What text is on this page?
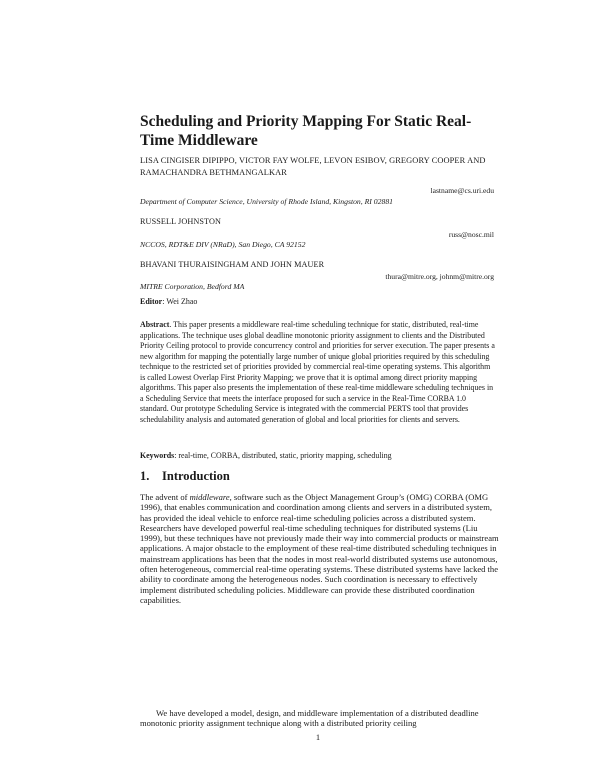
Scheduling and Priority Mapping For Static Real-Time Middleware
LISA CINGISER DIPIPPO, VICTOR FAY WOLFE, LEVON ESIBOV, GREGORY COOPER AND RAMACHANDRA BETHMANGALKAR
lastname@cs.uri.edu
Department of Computer Science, University of Rhode Island, Kingston, RI 02881
RUSSELL JOHNSTON
russ@nosc.mil
NCCOS, RDT&E DIV (NRaD), San Diego, CA 92152
BHAVANI THURAISINGHAM AND JOHN MAUER
thura@mitre.org, johnm@mitre.org
MITRE Corporation, Bedford MA
Editor: Wei Zhao
Abstract. This paper presents a middleware real-time scheduling technique for static, distributed, real-time applications. The technique uses global deadline monotonic priority assignment to clients and the Distributed Priority Ceiling protocol to provide concurrency control and priorities for server execution. The paper presents a new algorithm for mapping the potentially large number of unique global priorities required by this scheduling technique to the restricted set of priorities provided by commercial real-time operating systems. This algorithm is called Lowest Overlap First Priority Mapping; we prove that it is optimal among direct priority mapping algorithms. This paper also presents the implementation of these real-time middleware scheduling techniques in a Scheduling Service that meets the interface proposed for such a service in the Real-Time CORBA 1.0 standard. Our prototype Scheduling Service is integrated with the commercial PERTS tool that provides schedulability analysis and automated generation of global and local priorities for clients and servers.
Keywords: real-time, CORBA, distributed, static, priority mapping, scheduling
1. Introduction
The advent of middleware, software such as the Object Management Group’s (OMG) CORBA (OMG 1996), that enables communication and coordination among clients and servers in a distributed system, has provided the ideal vehicle to enforce real-time scheduling policies across a distributed system. Researchers have developed powerful real-time scheduling techniques for distributed systems (Liu 1999), but these techniques have not previously made their way into commercial products or mainstream applications. A major obstacle to the employment of these real-time distributed scheduling techniques in mainstream applications has been that the nodes in most real-world distributed systems use autonomous, often heterogeneous, commercial real-time operating systems. These distributed systems have lacked the ability to coordinate among the heterogeneous nodes. Such coordination is necessary to effectively implement distributed scheduling policies. Middleware can provide these distributed coordination capabilities.
We have developed a model, design, and middleware implementation of a distributed deadline monotonic priority assignment technique along with a distributed priority ceiling
1
